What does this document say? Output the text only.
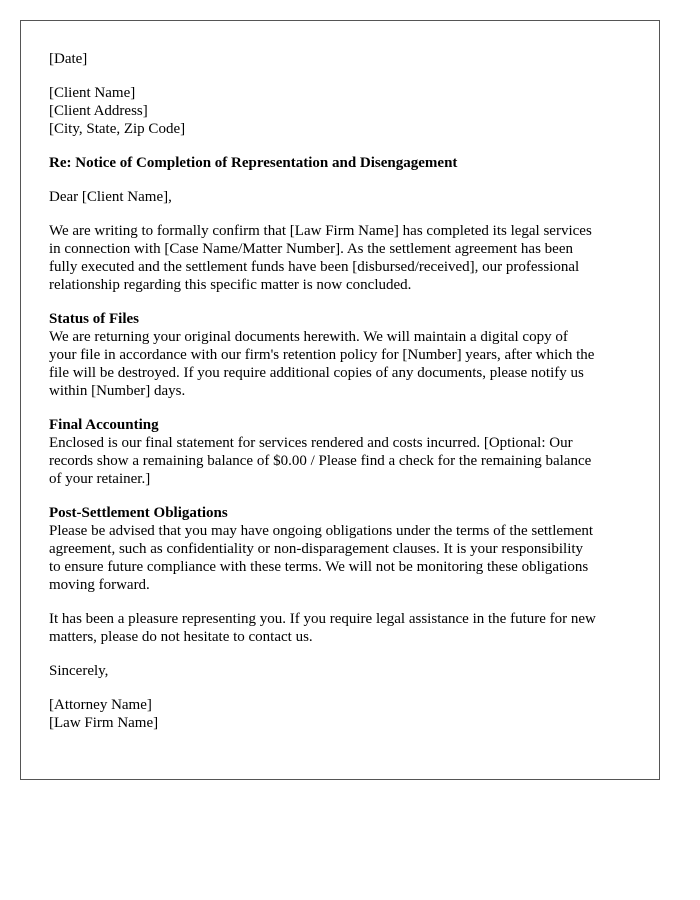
[Date]
[Client Name]
[Client Address]
[City, State, Zip Code]
Re: Notice of Completion of Representation and Disengagement
Dear [Client Name],
We are writing to formally confirm that [Law Firm Name] has completed its legal services
in connection with [Case Name/Matter Number]. As the settlement agreement has been
fully executed and the settlement funds have been [disbursed/received], our professional
relationship regarding this specific matter is now concluded.
Status of Files
We are returning your original documents herewith. We will maintain a digital copy of
your file in accordance with our firm's retention policy for [Number] years, after which the
file will be destroyed. If you require additional copies of any documents, please notify us
within [Number] days.
Final Accounting
Enclosed is our final statement for services rendered and costs incurred. [Optional: Our
records show a remaining balance of $0.00 / Please find a check for the remaining balance
of your retainer.]
Post-Settlement Obligations
Please be advised that you may have ongoing obligations under the terms of the settlement
agreement, such as confidentiality or non-disparagement clauses. It is your responsibility
to ensure future compliance with these terms. We will not be monitoring these obligations
moving forward.
It has been a pleasure representing you. If you require legal assistance in the future for new
matters, please do not hesitate to contact us.
Sincerely,
[Attorney Name]
[Law Firm Name]
